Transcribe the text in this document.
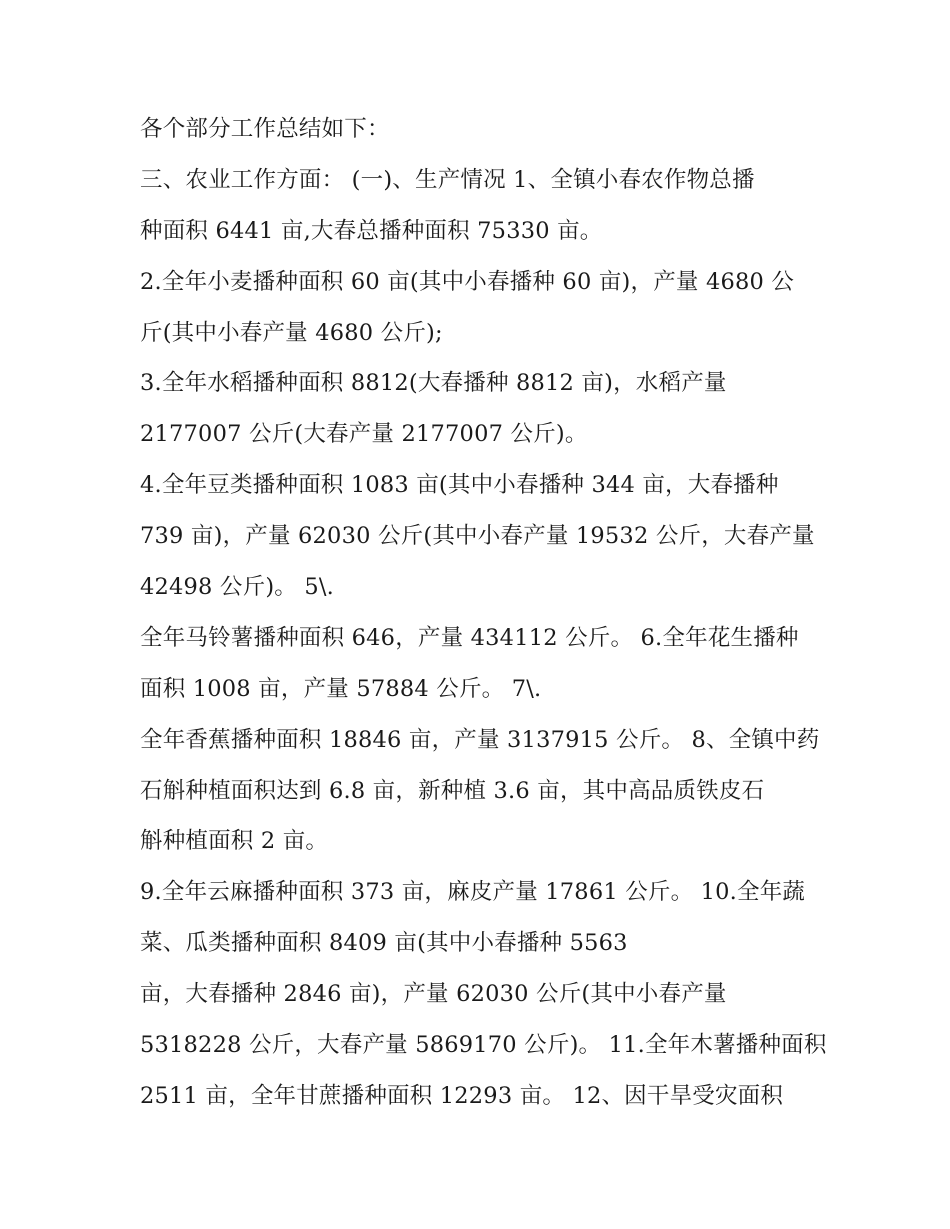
各个部分工作总结如下：
三、农业工作方面： (一)、生产情况 1、全镇小春农作物总播
种面积 6441 亩,大春总播种面积 75330 亩。
2.全年小麦播种面积 60 亩(其中小春播种 60 亩)，产量 4680 公
斤(其中小春产量 4680 公斤);
3.全年水稻播种面积 8812(大春播种 8812 亩)，水稻产量
2177007 公斤(大春产量 2177007 公斤)。
4.全年豆类播种面积 1083 亩(其中小春播种 344 亩，大春播种
739 亩)，产量 62030 公斤(其中小春产量 19532 公斤，大春产量
42498 公斤)。 5\.
全年马铃薯播种面积 646，产量 434112 公斤。 6.全年花生播种
面积 1008 亩，产量 57884 公斤。 7\.
全年香蕉播种面积 18846 亩，产量 3137915 公斤。 8、全镇中药
石斛种植面积达到 6.8 亩，新种植 3.6 亩，其中高品质铁皮石
斛种植面积 2 亩。
9.全年云麻播种面积 373 亩，麻皮产量 17861 公斤。 10.全年蔬
菜、瓜类播种面积 8409 亩(其中小春播种 5563
亩，大春播种 2846 亩)，产量 62030 公斤(其中小春产量
5318228 公斤，大春产量 5869170 公斤)。 11.全年木薯播种面积
2511 亩，全年甘蔗播种面积 12293 亩。 12、因干旱受灾面积
